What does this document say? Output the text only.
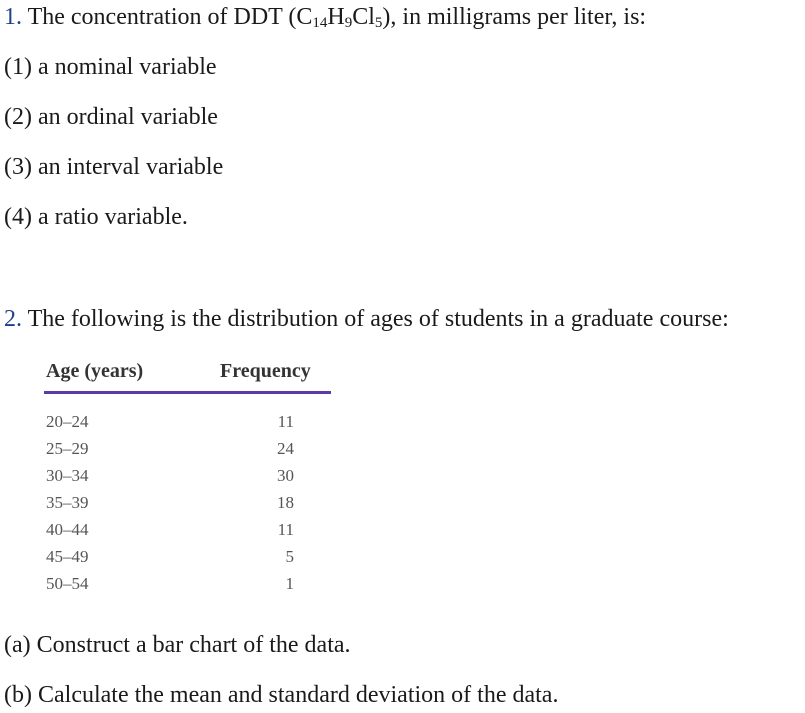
1. The concentration of DDT $(C_{14}H_9Cl_5)$, in milligrams per liter, is:
(1) a nominal variable
(2) an ordinal variable
(3) an interval variable
(4) a ratio variable.
2. The following is the distribution of ages of students in a graduate course:
Age (years)	Frequency
20–24	11
25–29	24
30–34	30
35–39	18
40–44	11
45–49	5
50–54	1
(a) Construct a bar chart of the data.
(b) Calculate the mean and standard deviation of the data.
